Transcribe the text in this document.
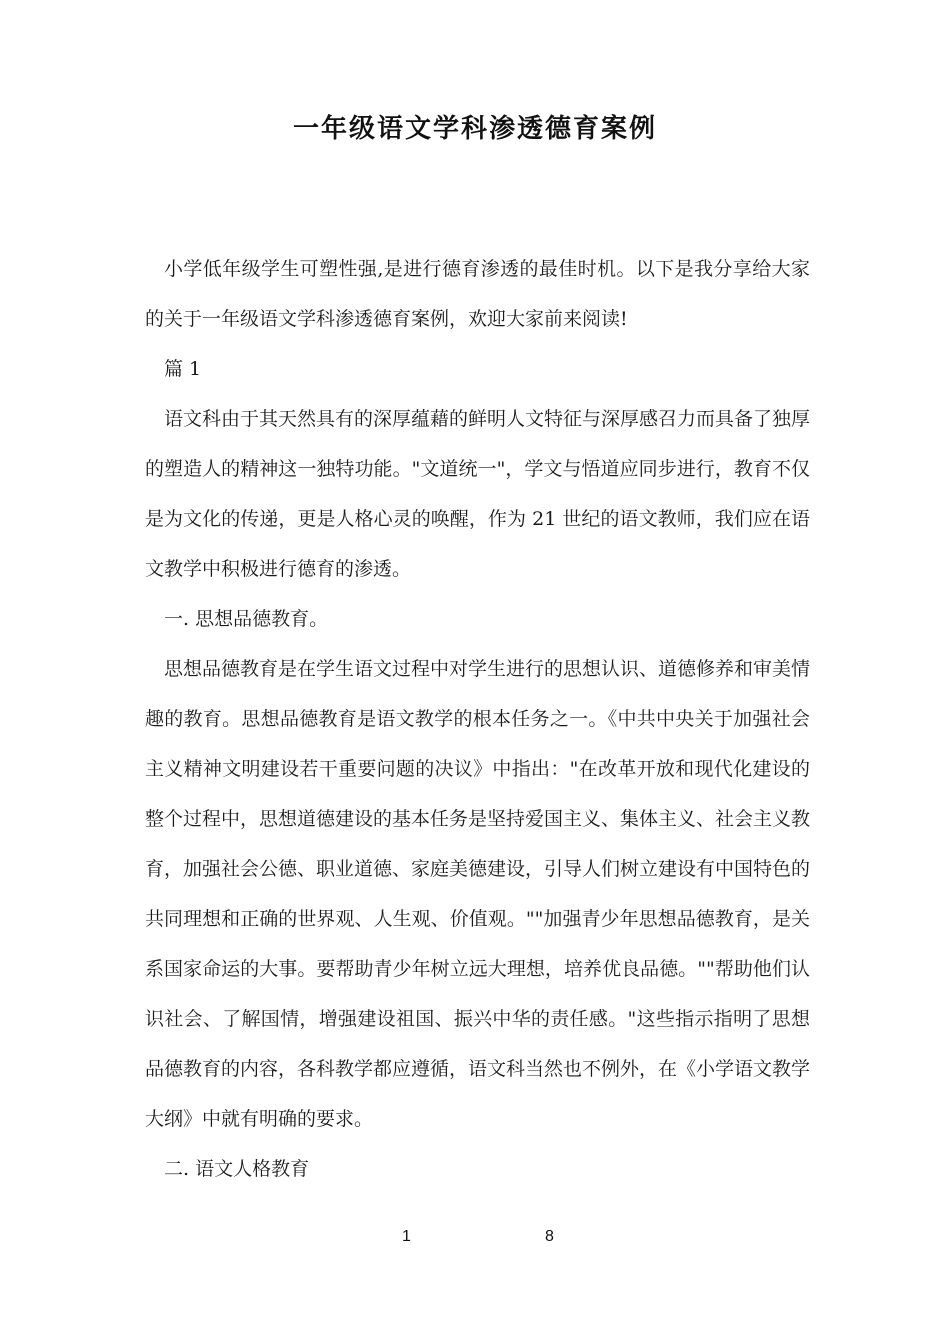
一年级语文学科渗透德育案例

小学低年级学生可塑性强,是进行德育渗透的最佳时机。以下是我分享给大家的关于一年级语文学科渗透德育案例，欢迎大家前来阅读!

篇 1

语文科由于其天然具有的深厚蕴藉的鲜明人文特征与深厚感召力而具备了独厚的塑造人的精神这一独特功能。"文道统一"，学文与悟道应同步进行，教育不仅是为文化的传递，更是人格心灵的唤醒，作为 21 世纪的语文教师，我们应在语文教学中积极进行德育的渗透。

一. 思想品德教育。

思想品德教育是在学生语文过程中对学生进行的思想认识、道德修养和审美情趣的教育。思想品德教育是语文教学的根本任务之一。《中共中央关于加强社会主义精神文明建设若干重要问题的决议》中指出："在改革开放和现代化建设的整个过程中，思想道德建设的基本任务是坚持爱国主义、集体主义、社会主义教育，加强社会公德、职业道德、家庭美德建设，引导人们树立建设有中国特色的共同理想和正确的世界观、人生观、价值观。""加强青少年思想品德教育，是关系国家命运的大事。要帮助青少年树立远大理想，培养优良品德。""帮助他们认识社会、了解国情，增强建设祖国、振兴中华的责任感。"这些指示指明了思想品德教育的内容，各科教学都应遵循，语文科当然也不例外，在《小学语文教学大纲》中就有明确的要求。

二. 语文人格教育

1	8
